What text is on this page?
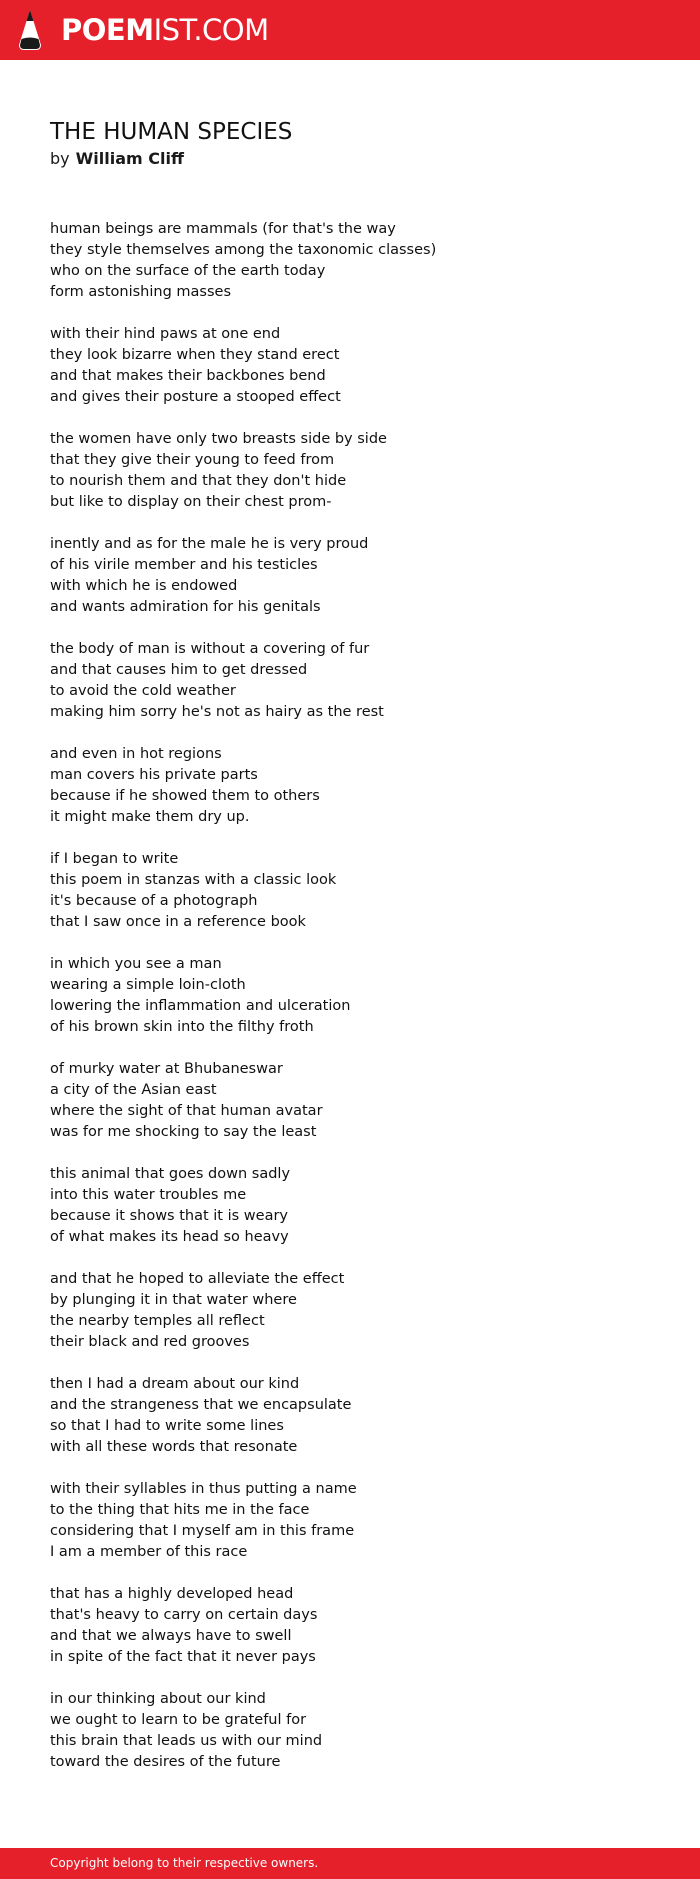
POEMIST.COM
THE HUMAN SPECIES
by William Cliff
human beings are mammals (for that's the way
they style themselves among the taxonomic classes)
who on the surface of the earth today
form astonishing masses
with their hind paws at one end
they look bizarre when they stand erect
and that makes their backbones bend
and gives their posture a stooped effect
the women have only two breasts side by side
that they give their young to feed from
to nourish them and that they don't hide
but like to display on their chest prom-
inently and as for the male he is very proud
of his virile member and his testicles
with which he is endowed
and wants admiration for his genitals
the body of man is without a covering of fur
and that causes him to get dressed
to avoid the cold weather
making him sorry he's not as hairy as the rest
and even in hot regions
man covers his private parts
because if he showed them to others
it might make them dry up.
if I began to write
this poem in stanzas with a classic look
it's because of a photograph
that I saw once in a reference book
in which you see a man
wearing a simple loin-cloth
lowering the inflammation and ulceration
of his brown skin into the filthy froth
of murky water at Bhubaneswar
a city of the Asian east
where the sight of that human avatar
was for me shocking to say the least
this animal that goes down sadly
into this water troubles me
because it shows that it is weary
of what makes its head so heavy
and that he hoped to alleviate the effect
by plunging it in that water where
the nearby temples all reflect
their black and red grooves
then I had a dream about our kind
and the strangeness that we encapsulate
so that I had to write some lines
with all these words that resonate
with their syllables in thus putting a name
to the thing that hits me in the face
considering that I myself am in this frame
I am a member of this race
that has a highly developed head
that's heavy to carry on certain days
and that we always have to swell
in spite of the fact that it never pays
in our thinking about our kind
we ought to learn to be grateful for
this brain that leads us with our mind
toward the desires of the future
Copyright belong to their respective owners.
